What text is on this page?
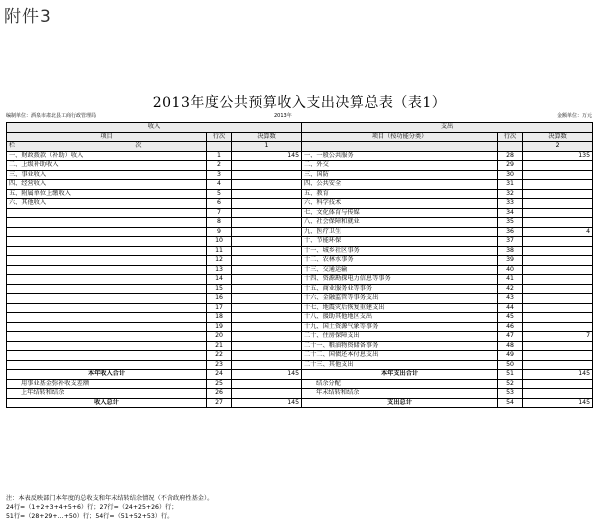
附件3
2013年度公共预算收入支出决算总表（表1）
编制单位：酒泉市肃北县工商行政管理局	2013年	金额单位：万元
收入			支出		
项目	行次	决算数	项目（按功能分类）	行次	决算数
栏 次		1			2
一、财政拨款（补助）收入	1	145	一、一般公共服务	28	135
二、上级补助收入	2		二、外交	29	
三、事业收入	3		三、国防	30	
四、经营收入	4		四、公共安全	31	
五、附属单位上缴收入	5		五、教育	32	
六、其他收入	6		六、科学技术	33	
	7		七、文化体育与传媒	34	
	8		八、社会保障和就业	35	
	9		九、医疗卫生	36	4
	10		十、节能环保	37	
	11		十一、城乡社区事务	38	
	12		十二、农林水事务	39	
	13		十三、交通运输	40	
	14		十四、资源勘探电力信息等事务	41	
	15		十五、商业服务业等事务	42	
	16		十六、金融监管等事务支出	43	
	17		十七、地震灾后恢复重建支出	44	
	18		十八、援助其他地区支出	45	
	19		十九、国土资源气象等事务	46	
	20		二十、住房保障支出	47	7
	21		二十一、粮油物资储备事务	48	
	22		二十二、国债还本付息支出	49	
	23		二十三、其他支出	50	
本年收入合计	24	145	本年支出合计	51	145
用事业基金弥补收支差额	25		结余分配	52	
上年结转和结余	26		年末结转和结余	53	
收入总计	27	145	支出总计	54	145
注：本表反映部门本年度的总收支和年末结转结余情况（不含政府性基金）。
24行=（1+2+3+4+5+6）行；27行=（24+25+26）行；
51行=（28+29+…+50）行；54行=（51+52+53）行。
